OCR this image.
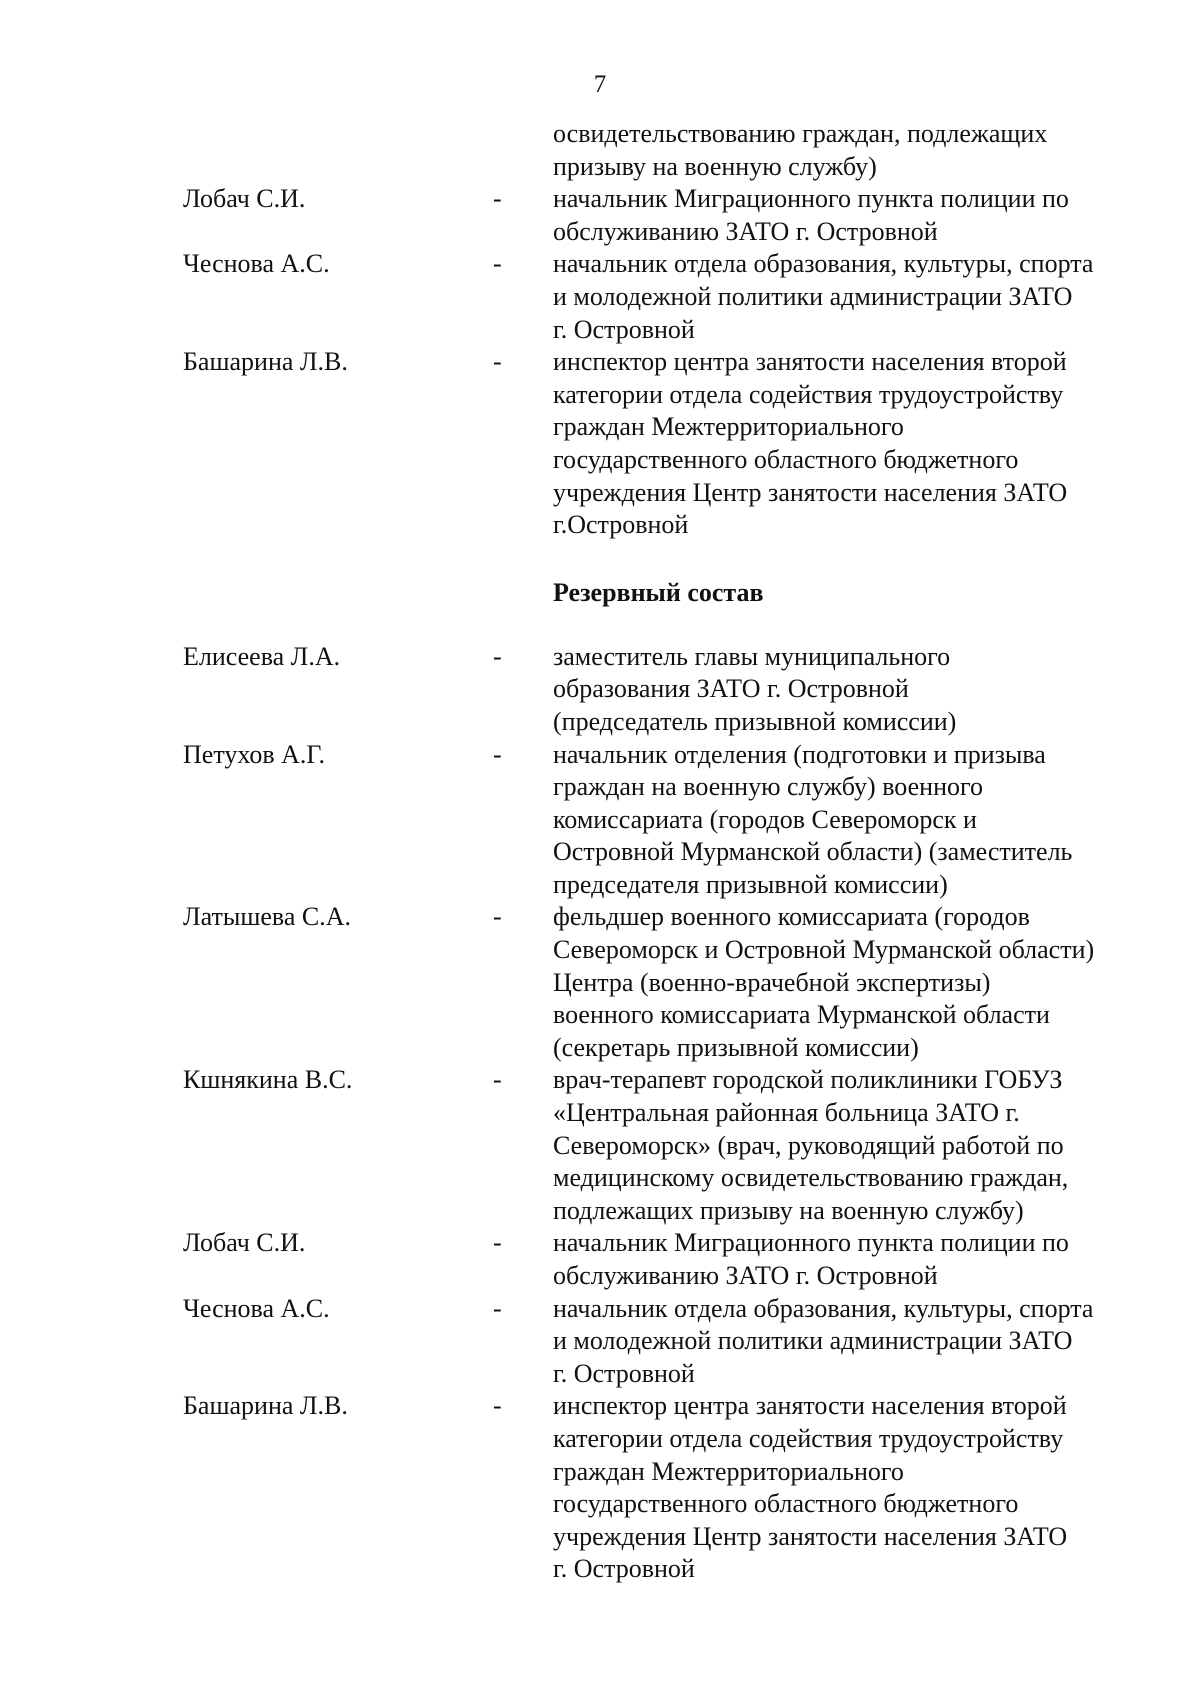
7
освидетельствованию граждан, подлежащих
призыву на военную службу)
Лобач С.И.	-	начальник Миграционного пункта полиции по
обслуживанию ЗАТО г. Островной
Чеснова А.С.	-	начальник отдела образования, культуры, спорта
и молодежной политики администрации ЗАТО
г. Островной
Башарина Л.В.	-	инспектор центра занятости населения второй
категории отдела содействия трудоустройству
граждан Межтерриториального
государственного областного бюджетного
учреждения Центр занятости населения ЗАТО
г.Островной
Резервный состав
Елисеева Л.А.	-	заместитель главы муниципального
образования ЗАТО г. Островной
(председатель призывной комиссии)
Петухов А.Г.	-	начальник отделения (подготовки и призыва
граждан на военную службу) военного
комиссариата (городов Североморск и
Островной Мурманской области) (заместитель
председателя призывной комиссии)
Латышева С.А.	-	фельдшер военного комиссариата (городов
Североморск и Островной Мурманской области)
Центра (военно-врачебной экспертизы)
военного комиссариата Мурманской области
(секретарь призывной комиссии)
Кшнякина В.С.	-	врач-терапевт городской поликлиники ГОБУЗ
«Центральная районная больница ЗАТО г.
Североморск» (врач, руководящий работой по
медицинскому освидетельствованию граждан,
подлежащих призыву на военную службу)
Лобач С.И.	-	начальник Миграционного пункта полиции по
обслуживанию ЗАТО г. Островной
Чеснова А.С.	-	начальник отдела образования, культуры, спорта
и молодежной политики администрации ЗАТО
г. Островной
Башарина Л.В.	-	инспектор центра занятости населения второй
категории отдела содействия трудоустройству
граждан Межтерриториального
государственного областного бюджетного
учреждения Центр занятости населения ЗАТО
г. Островной
